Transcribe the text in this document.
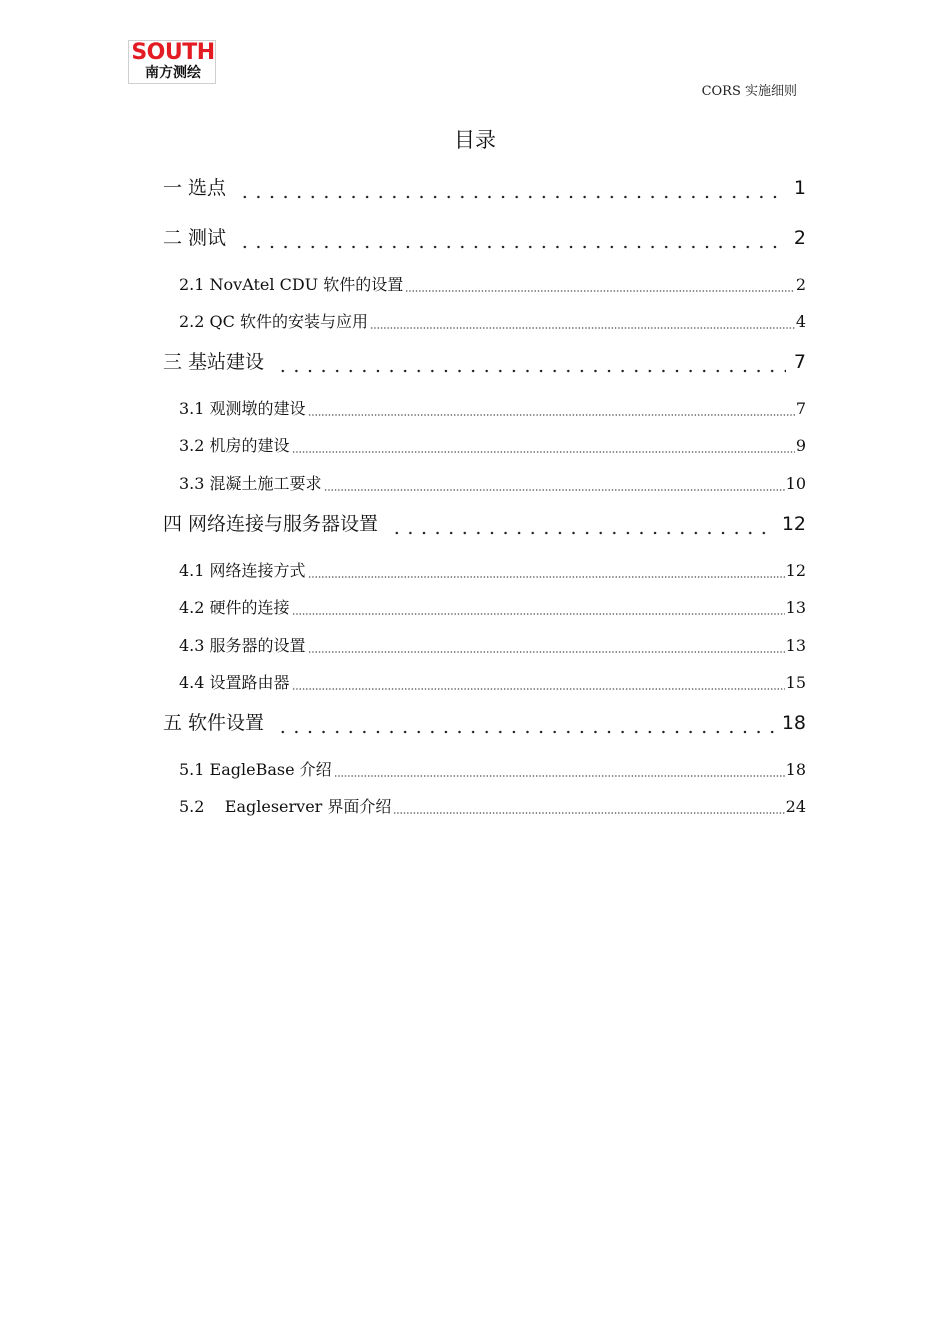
SOUTH
南方测绘
CORS 实施细则
目录
一 选点	1
二 测试	2
2.1 NovAtel CDU 软件的设置	2
2.2 QC 软件的安装与应用	4
三 基站建设	7
3.1 观测墩的建设	7
3.2 机房的建设	9
3.3 混凝土施工要求	10
四 网络连接与服务器设置	12
4.1 网络连接方式	12
4.2 硬件的连接	13
4.3 服务器的设置	13
4.4 设置路由器	15
五 软件设置	18
5.1 EagleBase 介绍	18
5.2    Eagleserver 界面介绍	24
